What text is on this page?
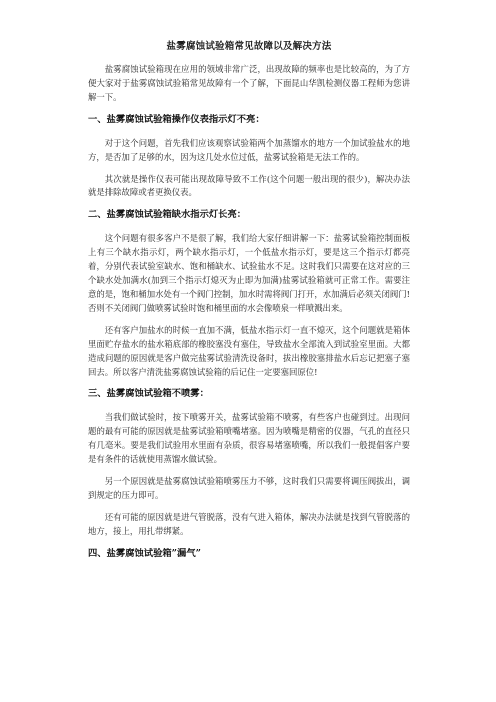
盐雾腐蚀试验箱常见故障以及解决方法

盐雾腐蚀试验箱现在应用的领域非常广泛，出现故障的频率也是比较高的，为了方便大家对于盐雾腐蚀试验箱常见故障有一个了解，下面昆山华凯检测仪器工程师为您讲解一下。

一、盐雾腐蚀试验箱操作仪表指示灯不亮：

对于这个问题，首先我们应该观察试验箱两个加蒸馏水的地方一个加试验盐水的地方，是否加了足够的水，因为这几处水位过低，盐雾试验箱是无法工作的。

其次就是操作仪表可能出现故障导致不工作(这个问题一般出现的很少)，解决办法就是排除故障或者更换仪表。

二、盐雾腐蚀试验箱缺水指示灯长亮：

这个问题有很多客户不是很了解，我们给大家仔细讲解一下：盐雾试验箱控制面板上有三个缺水指示灯，两个缺水指示灯，一个低盐水指示灯，要是这三个指示灯都亮着，分别代表试验室缺水、饱和桶缺水、试验盐水不足。这时我们只需要在这对应的三个缺水处加满水(加到三个指示灯熄灭为止即为加满)盐雾试验箱就可正常工作。需要注意的是，饱和桶加水处有一个阀门控制，加水时需将阀门打开，水加满后必须关闭阀门!否则不关闭阀门做喷雾试验时饱和桶里面的水会像喷泉一样喷溅出来。

还有客户加盐水的时候一直加不满，低盐水指示灯一直不熄灭，这个问题就是箱体里面贮存盐水的盐水箱底部的橡胶塞没有塞住，导致盐水全部流入到试验室里面。大都造成问题的原因就是客户做完盐雾试验清洗设备时，拔出橡胶塞排盐水后忘记把塞子塞回去。所以客户清洗盐雾腐蚀试验箱的后记住一定要塞回原位!

三、盐雾腐蚀试验箱不喷雾：

当我们做试验时，按下喷雾开关，盐雾试验箱不喷雾，有些客户也碰到过。出现问题的最有可能的原因就是盐雾试验箱喷嘴堵塞。因为喷嘴是精密的仪器，气孔的直径只有几毫米。要是我们试验用水里面有杂质，很容易堵塞喷嘴，所以我们一般提倡客户要是有条件的话就使用蒸馏水做试验。

另一个原因就是盐雾腐蚀试验箱喷雾压力不够，这时我们只需要将调压阀拔出，调到规定的压力即可。

还有可能的原因就是进气管脱落，没有气进入箱体，解决办法就是找到气管脱落的地方，接上，用扎带绑紧。

四、盐雾腐蚀试验箱”漏气”
